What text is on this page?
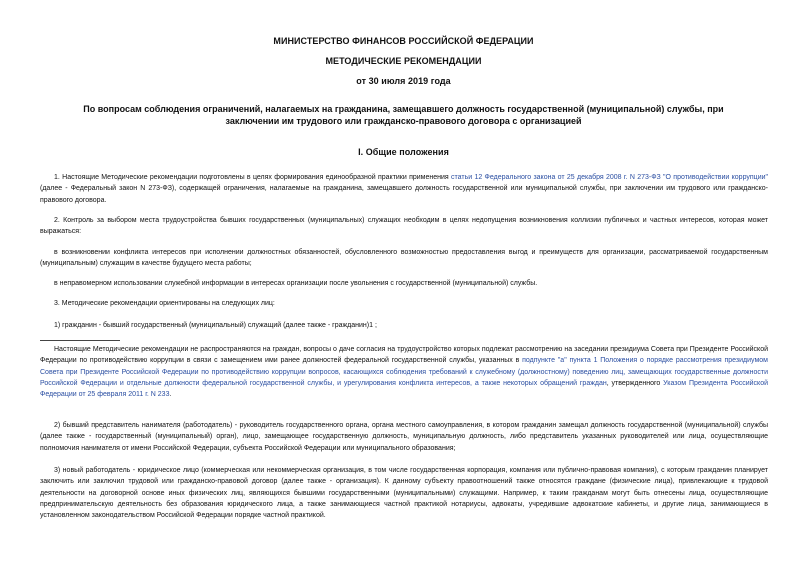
МИНИСТЕРСТВО ФИНАНСОВ РОССИЙСКОЙ ФЕДЕРАЦИИ
МЕТОДИЧЕСКИЕ РЕКОМЕНДАЦИИ
от 30 июля 2019 года
По вопросам соблюдения ограничений, налагаемых на гражданина, замещавшего должность государственной (муниципальной) службы, при заключении им трудового или гражданско-правового договора с организацией
I. Общие положения

1. Настоящие Методические рекомендации подготовлены в целях формирования единообразной практики применения статьи 12 Федерального закона от 25 декабря 2008 г. N 273-ФЗ "О противодействии коррупции" (далее - Федеральный закон N 273-ФЗ), содержащей ограничения, налагаемые на гражданина, замещавшего должность государственной или муниципальной службы, при заключении им трудового или гражданско-правового договора.

2. Контроль за выбором места трудоустройства бывших государственных (муниципальных) служащих необходим в целях недопущения возникновения коллизии публичных и частных интересов, которая может выражаться:

в возникновении конфликта интересов при исполнении должностных обязанностей, обусловленного возможностью предоставления выгод и преимуществ для организации, рассматриваемой государственным (муниципальным) служащим в качестве будущего места работы;

в неправомерном использовании служебной информации в интересах организации после увольнения с государственной (муниципальной) службы.

3. Методические рекомендации ориентированы на следующих лиц:

1) гражданин - бывший государственный (муниципальный) служащий (далее также - гражданин)1 ;

Настоящие Методические рекомендации не распространяются на граждан, вопросы о даче согласия на трудоустройство которых подлежат рассмотрению на заседании президиума Совета при Президенте Российской Федерации по противодействию коррупции в связи с замещением ими ранее должностей федеральной государственной службы, указанных в подпункте "а" пункта 1 Положения о порядке рассмотрения президиумом Совета при Президенте Российской Федерации по противодействию коррупции вопросов, касающихся соблюдения требований к служебному (должностному) поведению лиц, замещающих государственные должности Российской Федерации и отдельные должности федеральной государственной службы, и урегулирования конфликта интересов, а также некоторых обращений граждан, утвержденного Указом Президента Российской Федерации от 25 февраля 2011 г. N 233.

2) бывший представитель нанимателя (работодатель) - руководитель государственного органа, органа местного самоуправления, в котором гражданин замещал должность государственной (муниципальной) службы (далее также - государственный (муниципальный) орган), лицо, замещающее государственную должность, муниципальную должность, либо представитель указанных руководителей или лица, осуществляющие полномочия нанимателя от имени Российской Федерации, субъекта Российской Федерации или муниципального образования;

3) новый работодатель - юридическое лицо (коммерческая или некоммерческая организация, в том числе государственная корпорация, компания или публично-правовая компания), с которым гражданин планирует заключить или заключил трудовой или гражданско-правовой договор (далее также - организация). К данному субъекту правоотношений также относятся граждане (физические лица), привлекающие к трудовой деятельности на договорной основе иных физических лиц, являющихся бывшими государственными (муниципальными) служащими. Например, к таким гражданам могут быть отнесены лица, осуществляющие предпринимательскую деятельность без образования юридического лица, а также занимающиеся частной практикой нотариусы, адвокаты, учредившие адвокатские кабинеты, и другие лица, занимающиеся в установленном законодательством Российской Федерации порядке частной практикой.
